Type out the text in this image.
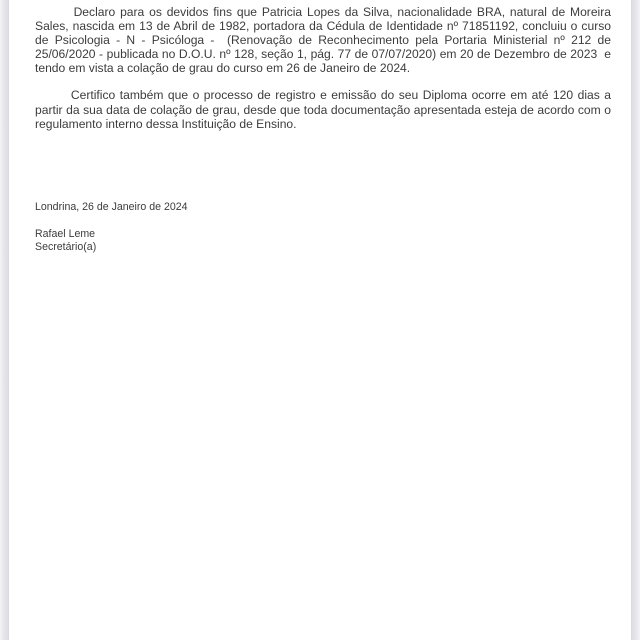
Declaro para os devidos fins que Patricia Lopes da Silva, nacionalidade BRA, natural de Moreira Sales, nascida em 13 de Abril de 1982, portadora da Cédula de Identidade nº 71851192, concluiu o curso de Psicologia - N - Psicóloga -  (Renovação de Reconhecimento pela Portaria Ministerial nº 212 de 25/06/2020 - publicada no D.O.U. nº 128, seção 1, pág. 77 de 07/07/2020) em 20 de Dezembro de 2023  e tendo em vista a colação de grau do curso em 26 de Janeiro de 2024.

Certifico também que o processo de registro e emissão do seu Diploma ocorre em até 120 dias a partir da sua data de colação de grau, desde que toda documentação apresentada esteja de acordo com o regulamento interno dessa Instituição de Ensino.

Londrina, 26 de Janeiro de 2024
Rafael Leme
Secretário(a)
